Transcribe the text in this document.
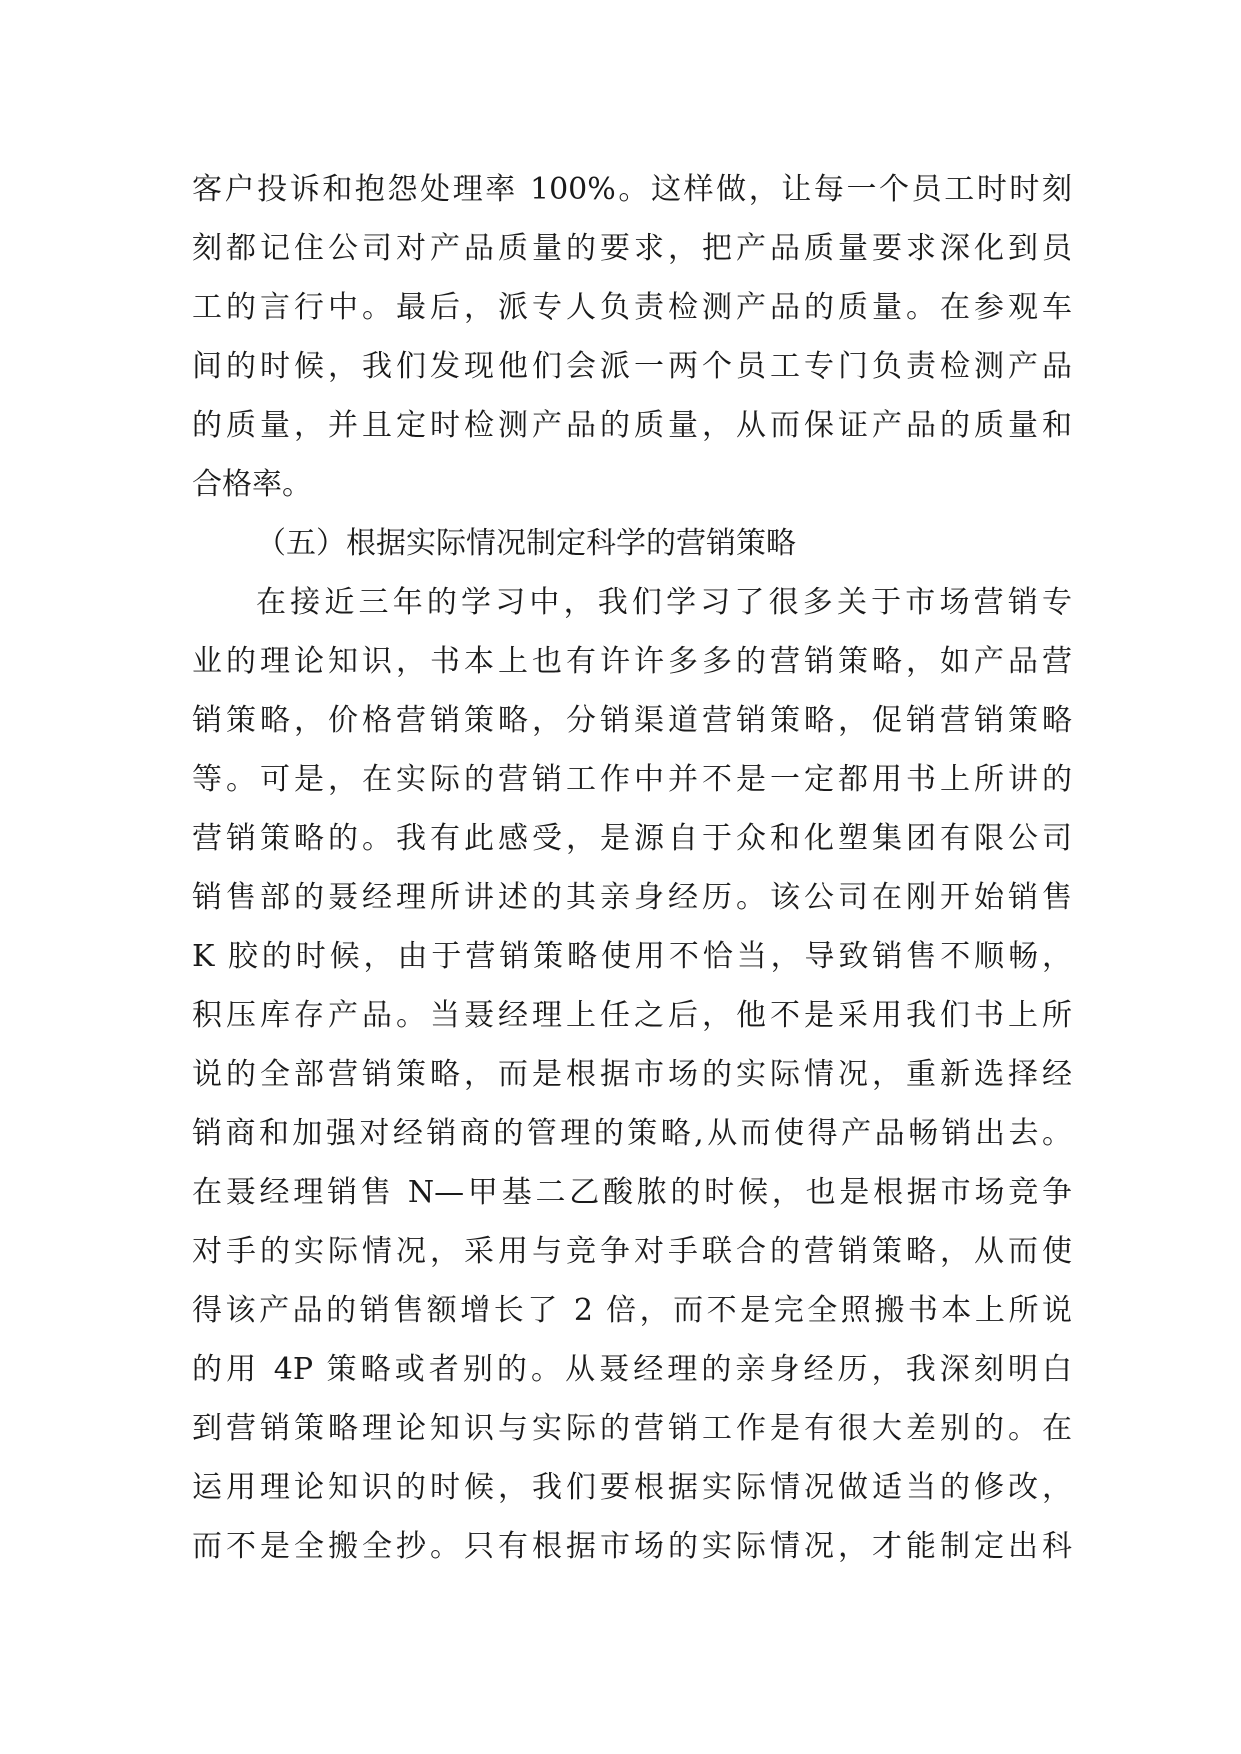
客户投诉和抱怨处理率 100%。这样做，让每一个员工时时刻
刻都记住公司对产品质量的要求，把产品质量要求深化到员
工的言行中。最后，派专人负责检测产品的质量。在参观车
间的时候，我们发现他们会派一两个员工专门负责检测产品
的质量，并且定时检测产品的质量，从而保证产品的质量和
合格率。
（五）根据实际情况制定科学的营销策略
在接近三年的学习中，我们学习了很多关于市场营销专
业的理论知识，书本上也有许许多多的营销策略，如产品营
销策略，价格营销策略，分销渠道营销策略，促销营销策略
等。可是，在实际的营销工作中并不是一定都用书上所讲的
营销策略的。我有此感受，是源自于众和化塑集团有限公司
销售部的聂经理所讲述的其亲身经历。该公司在刚开始销售
K 胶的时候，由于营销策略使用不恰当，导致销售不顺畅，
积压库存产品。当聂经理上任之后，他不是采用我们书上所
说的全部营销策略，而是根据市场的实际情况，重新选择经
销商和加强对经销商的管理的策略,从而使得产品畅销出去。
在聂经理销售 N—甲基二乙酸脓的时候，也是根据市场竞争
对手的实际情况，采用与竞争对手联合的营销策略，从而使
得该产品的销售额增长了 2 倍，而不是完全照搬书本上所说
的用 4P 策略或者别的。从聂经理的亲身经历，我深刻明白
到营销策略理论知识与实际的营销工作是有很大差别的。在
运用理论知识的时候，我们要根据实际情况做适当的修改，
而不是全搬全抄。只有根据市场的实际情况，才能制定出科
